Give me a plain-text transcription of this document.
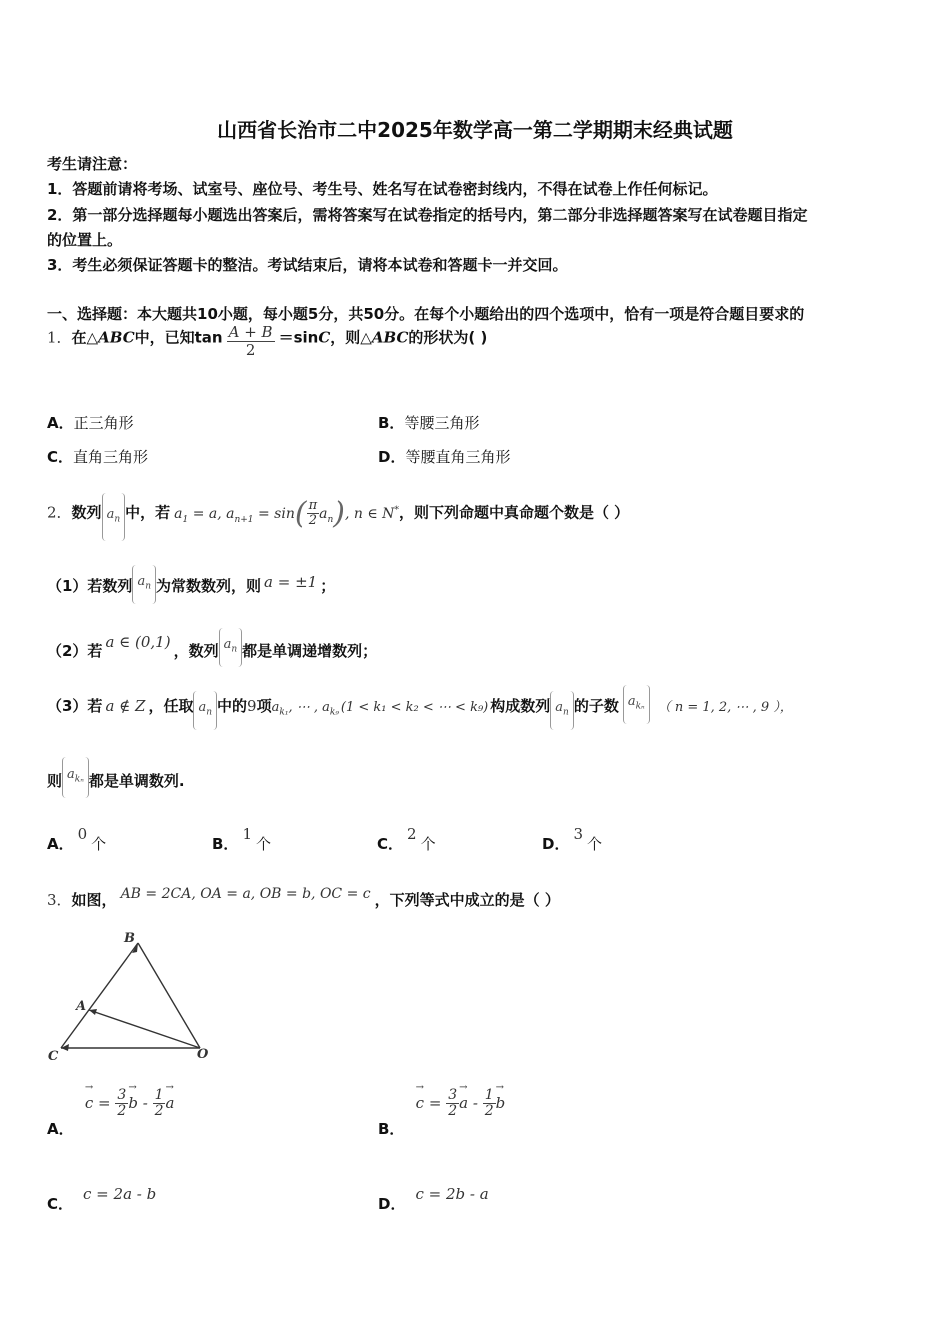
山西省长治市二中2025年数学高一第二学期期末经典试题
考生请注意：
1．答题前请将考场、试室号、座位号、考生号、姓名写在试卷密封线内，不得在试卷上作任何标记。
2．第一部分选择题每小题选出答案后，需将答案写在试卷指定的括号内，第二部分非选择题答案写在试卷题目指定
的位置上。
3．考生必须保证答题卡的整洁。考试结束后，请将本试卷和答题卡一并交回。
一、选择题：本大题共10小题，每小题5分，共50分。在每个小题给出的四个选项中，恰有一项是符合题目要求的
1．在△ABC中，已知$\tan \frac{A + B}{2} =\sin C$，则△ABC的形状为( )
A．正三角形	B．等腰三角形
C．直角三角形	D．等腰直角三角形
2．数列 $a_n$ 中，若 $a_1 = a$, $a_{n+1} = \sin( \frac{\pi}{2} a_n)$, n ∈ N*，则下列命题中真命题个数是（ ）
（1）若数列 $a_n$ 为常数数列，则 a = ±1 ；
（2）若 a ∈ (0,1) ，数列 $a_n$ 都是单调递增数列；
（3）若 a ∉ Z ，任取 $a_n$ 中的9项$a_{k_1}$, ⋯ , $a_{k_9}$ (1 < k₁ < k₂ < ⋯ < k₉) 构成数列 $a_n$ 的子数 $a_{k_n}$ （ n = 1, 2, ⋯ , 9 ），
则 $a_{k_n}$ 都是单调数列.
A．0个	B．1个	C．2个	D．3个
3．如图， AB = 2CA, OA = a, OB = b, OC = c ，下列等式中成立的是（ ）
B
A
C	O
A． → $c = \frac{3}{2}$
→ b - $\frac{1}{2}$
→ a
B． → $c = \frac{3}{2}$
→ a - $\frac{1}{2}$
→ b
C．c = 2a - b
D．c = 2b - a
